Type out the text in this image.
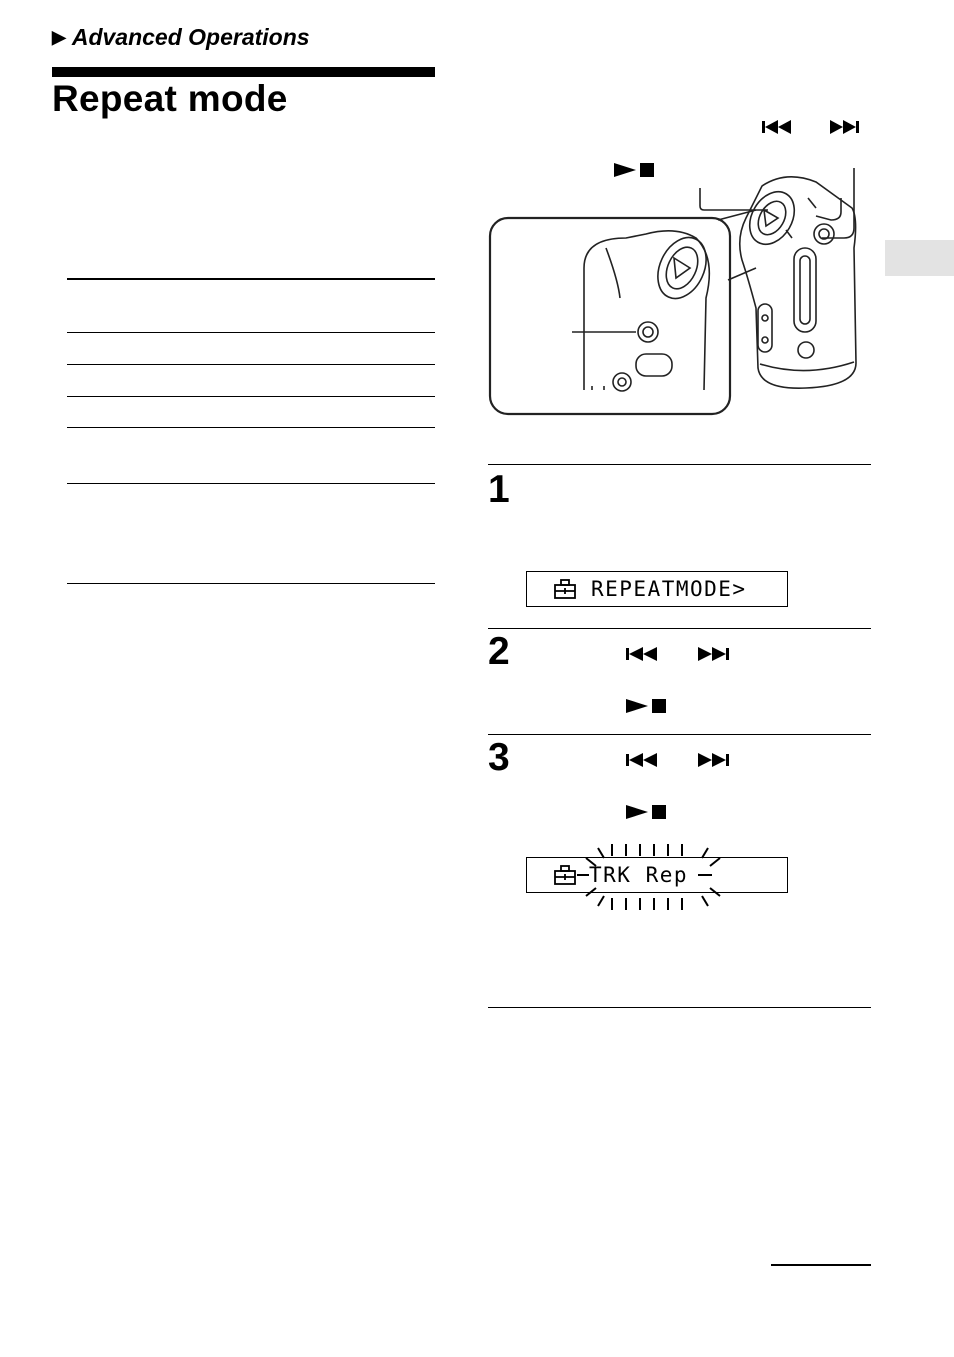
▶ Advanced Operations
Repeat mode
1
REPEATMODE>
2
3
TRK Rep
